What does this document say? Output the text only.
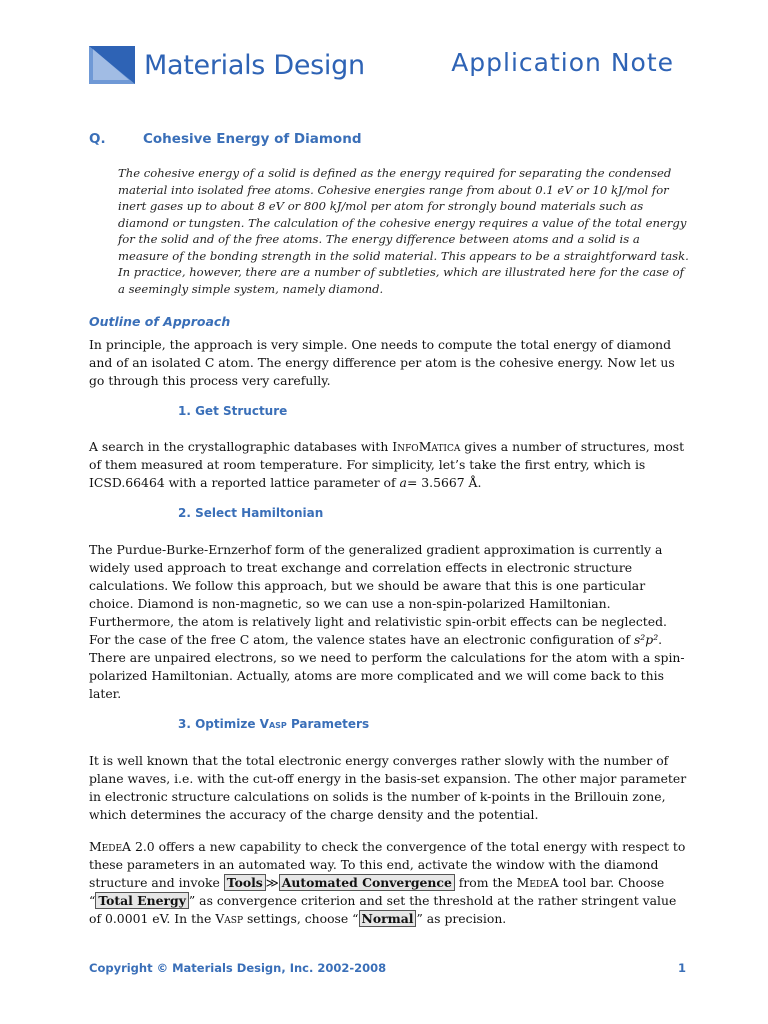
Materials Design	Application Note
Q.	Cohesive Energy of Diamond

The cohesive energy of a solid is defined as the energy required for separating the condensed material into isolated free atoms. Cohesive energies range from about 0.1 eV or 10 kJ/mol for inert gases up to about 8 eV or 800 kJ/mol per atom for strongly bound materials such as diamond or tungsten. The calculation of the cohesive energy requires a value of the total energy for the solid and of the free atoms. The energy difference between atoms and a solid is a measure of the bonding strength in the solid material. This appears to be a straightforward task. In practice, however, there are a number of subtleties, which are illustrated here for the case of a seemingly simple system, namely diamond.

Outline of Approach

In principle, the approach is very simple. One needs to compute the total energy of diamond and of an isolated C atom. The energy difference per atom is the cohesive energy. Now let us go through this process very carefully.

1. Get Structure

A search in the crystallographic databases with InfoMatica gives a number of structures, most of them measured at room temperature. For simplicity, let’s take the first entry, which is ICSD.66464 with a reported lattice parameter of a= 3.5667 Å.

2. Select Hamiltonian

The Purdue-Burke-Ernzerhof form of the generalized gradient approximation is currently a widely used approach to treat exchange and correlation effects in electronic structure calculations. We follow this approach, but we should be aware that this is one particular choice. Diamond is non-magnetic, so we can use a non-spin-polarized Hamiltonian. Furthermore, the atom is relatively light and relativistic spin-orbit effects can be neglected. For the case of the free C atom, the valence states have an electronic configuration of s²p². There are unpaired electrons, so we need to perform the calculations for the atom with a spin-polarized Hamiltonian. Actually, atoms are more complicated and we will come back to this later.

3. Optimize Vasp Parameters

It is well known that the total electronic energy converges rather slowly with the number of plane waves, i.e. with the cut-off energy in the basis-set expansion. The other major parameter in electronic structure calculations on solids is the number of k-points in the Brillouin zone, which determines the accuracy of the charge density and the potential.

MedeA 2.0 offers a new capability to check the convergence of the total energy with respect to these parameters in an automated way. To this end, activate the window with the diamond structure and invoke Tools ≫ Automated Convergence from the MedeA tool bar. Choose “ Total Energy ” as convergence criterion and set the threshold at the rather stringent value of 0.0001 eV. In the Vasp settings, choose “ Normal ” as precision.

Copyright © Materials Design, Inc. 2002-2008	1
